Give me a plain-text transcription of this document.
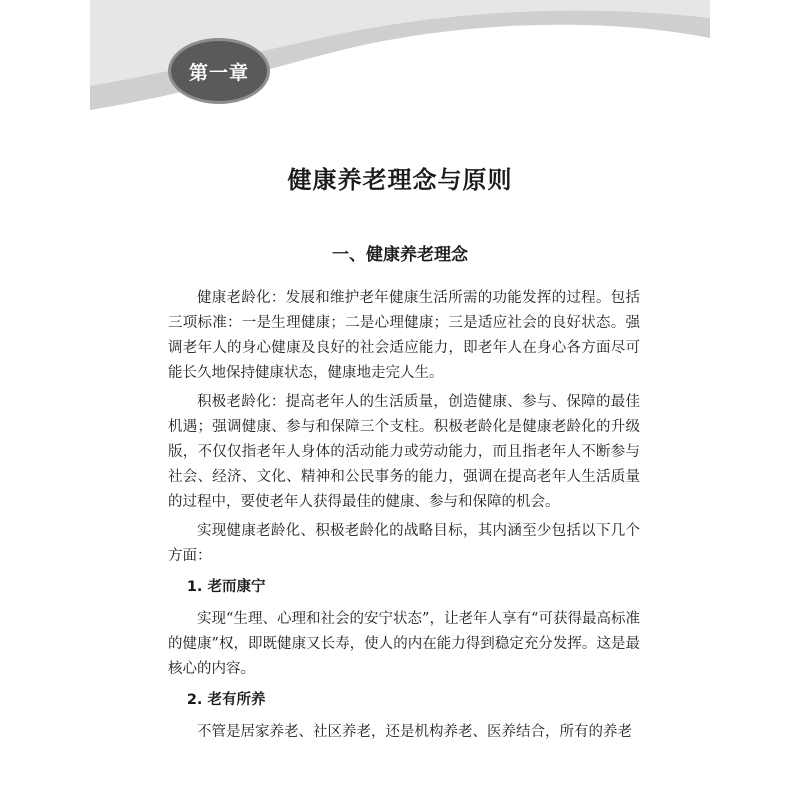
第一章
健康养老理念与原则
一、健康养老理念

健康老龄化：发展和维护老年健康生活所需的功能发挥的过程。包括三项标准：一是生理健康；二是心理健康；三是适应社会的良好状态。强调老年人的身心健康及良好的社会适应能力，即老年人在身心各方面尽可能长久地保持健康状态，健康地走完人生。

积极老龄化：提高老年人的生活质量，创造健康、参与、保障的最佳机遇；强调健康、参与和保障三个支柱。积极老龄化是健康老龄化的升级版，不仅仅指老年人身体的活动能力或劳动能力，而且指老年人不断参与社会、经济、文化、精神和公民事务的能力，强调在提高老年人生活质量的过程中，要使老年人获得最佳的健康、参与和保障的机会。

实现健康老龄化、积极老龄化的战略目标，其内涵至少包括以下几个方面：

1. 老而康宁

实现“生理、心理和社会的安宁状态”，让老年人享有“可获得最高标准的健康”权，即既健康又长寿，使人的内在能力得到稳定充分发挥。这是最核心的内容。

2. 老有所养

不管是居家养老、社区养老，还是机构养老、医养结合，所有的养老
